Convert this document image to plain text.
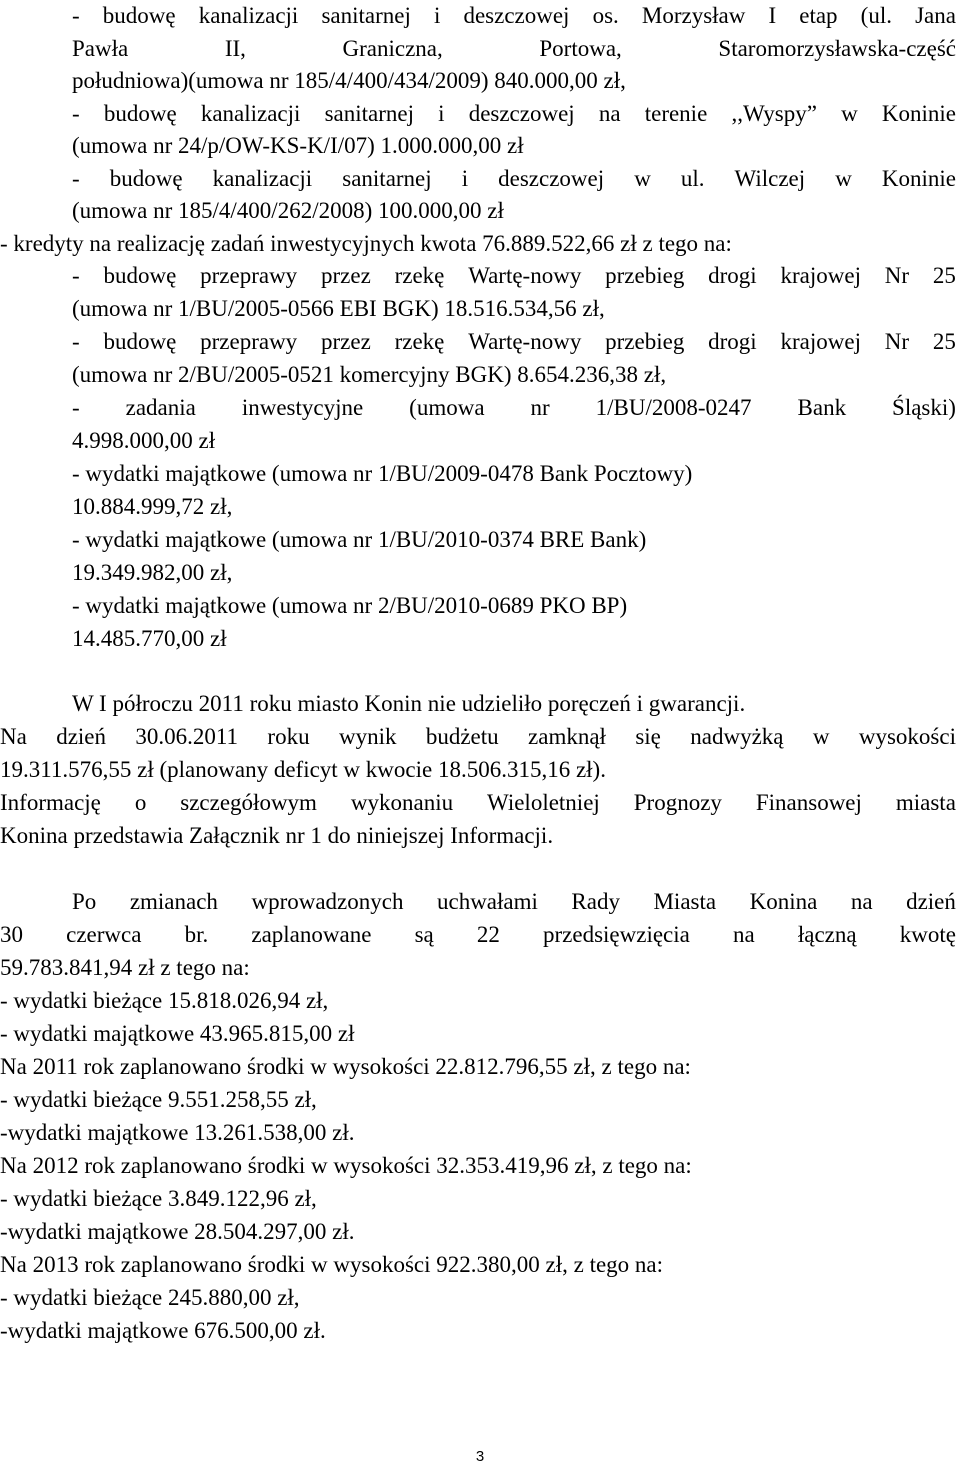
- budowę kanalizacji sanitarnej i deszczowej os. Morzysław I etap (ul. Jana
Pawła	II,	Graniczna,	Portowa,	Staromorzysławska-część
południowa)(umowa nr 185/4/400/434/2009) 840.000,00 zł,
- budowę kanalizacji sanitarnej i deszczowej na terenie ,,Wyspy” w Koninie
(umowa nr 24/p/OW-KS-K/I/07) 1.000.000,00 zł
- budowę kanalizacji sanitarnej i deszczowej w ul. Wilczej w Koninie
(umowa nr 185/4/400/262/2008) 100.000,00 zł
- kredyty na realizację zadań inwestycyjnych kwota 76.889.522,66 zł z tego na:
- budowę przeprawy przez rzekę Wartę-nowy przebieg drogi krajowej Nr 25
(umowa nr 1/BU/2005-0566 EBI BGK) 18.516.534,56 zł,
- budowę przeprawy przez rzekę Wartę-nowy przebieg drogi krajowej Nr 25
(umowa nr 2/BU/2005-0521 komercyjny BGK) 8.654.236,38 zł,
- zadania inwestycyjne (umowa nr 1/BU/2008-0247 Bank Śląski)
4.998.000,00 zł
- wydatki majątkowe (umowa nr 1/BU/2009-0478 Bank Pocztowy)
10.884.999,72 zł,
- wydatki majątkowe (umowa nr 1/BU/2010-0374 BRE Bank)
19.349.982,00 zł,
- wydatki majątkowe (umowa nr 2/BU/2010-0689 PKO BP)
14.485.770,00 zł
W I półroczu 2011 roku miasto Konin nie udzieliło poręczeń i gwarancji.
Na dzień 30.06.2011 roku wynik budżetu zamknął się nadwyżką w wysokości
19.311.576,55 zł (planowany deficyt w kwocie 18.506.315,16 zł).
Informację o szczegółowym wykonaniu Wieloletniej Prognozy Finansowej miasta
Konina przedstawia Załącznik nr 1 do niniejszej Informacji.
Po zmianach wprowadzonych uchwałami Rady Miasta Konina na dzień
30 czerwca br. zaplanowane są 22 przedsięwzięcia na łączną kwotę
59.783.841,94 zł z tego na:
- wydatki bieżące 15.818.026,94 zł,
- wydatki majątkowe 43.965.815,00 zł
Na 2011 rok zaplanowano środki w wysokości 22.812.796,55 zł, z tego na:
- wydatki bieżące 9.551.258,55 zł,
-wydatki majątkowe 13.261.538,00 zł.
Na 2012 rok zaplanowano środki w wysokości 32.353.419,96 zł, z tego na:
- wydatki bieżące 3.849.122,96 zł,
-wydatki majątkowe 28.504.297,00 zł.
Na 2013 rok zaplanowano środki w wysokości 922.380,00 zł, z tego na:
- wydatki bieżące 245.880,00 zł,
-wydatki majątkowe 676.500,00 zł.
3
